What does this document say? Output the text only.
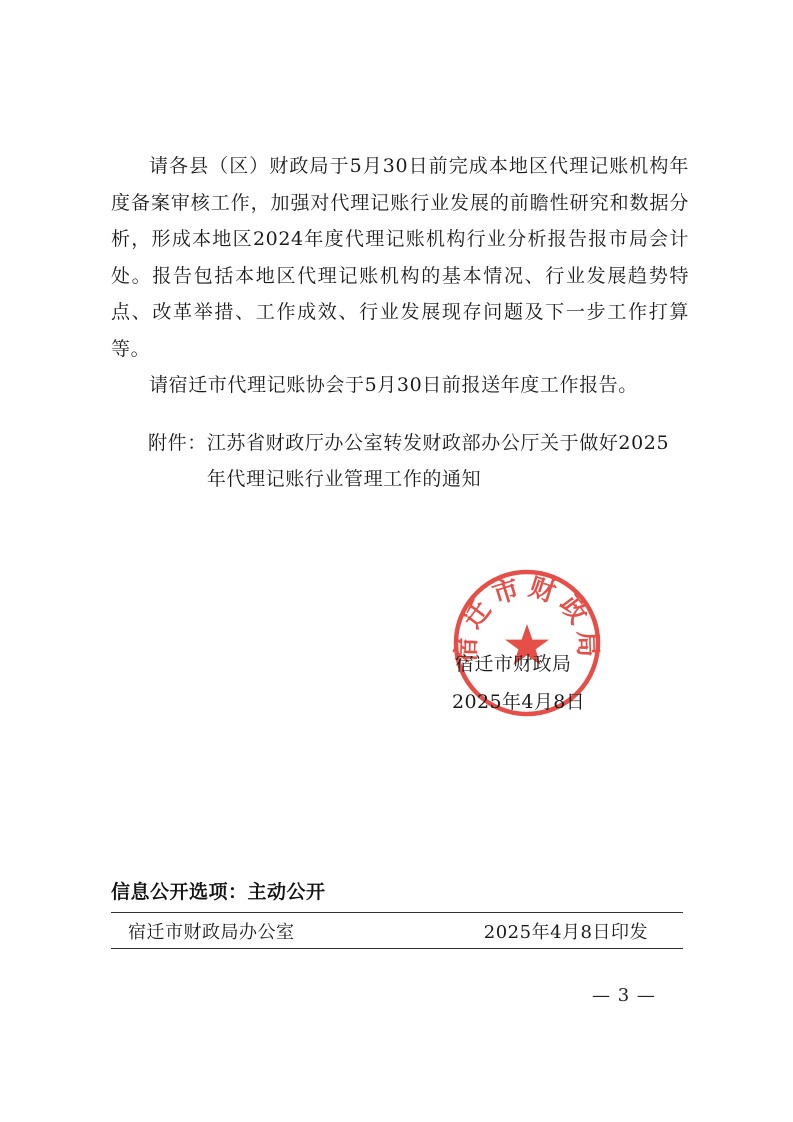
请各县（区）财政局于5月30日前完成本地区代理记账机构年度备案审核工作，加强对代理记账行业发展的前瞻性研究和数据分析，形成本地区2024年度代理记账机构行业分析报告报市局会计处。报告包括本地区代理记账机构的基本情况、行业发展趋势特点、改革举措、工作成效、行业发展现存问题及下一步工作打算等。

请宿迁市代理记账协会于5月30日前报送年度工作报告。

附件： 江苏省财政厅办公室转发财政部办公厅关于做好2025年代理记账行业管理工作的通知
宿迁市财政局
宿迁市财政局
2025年4月8日
信息公开选项：主动公开
宿迁市财政局办公室	2025年4月8日印发
— 3 —
